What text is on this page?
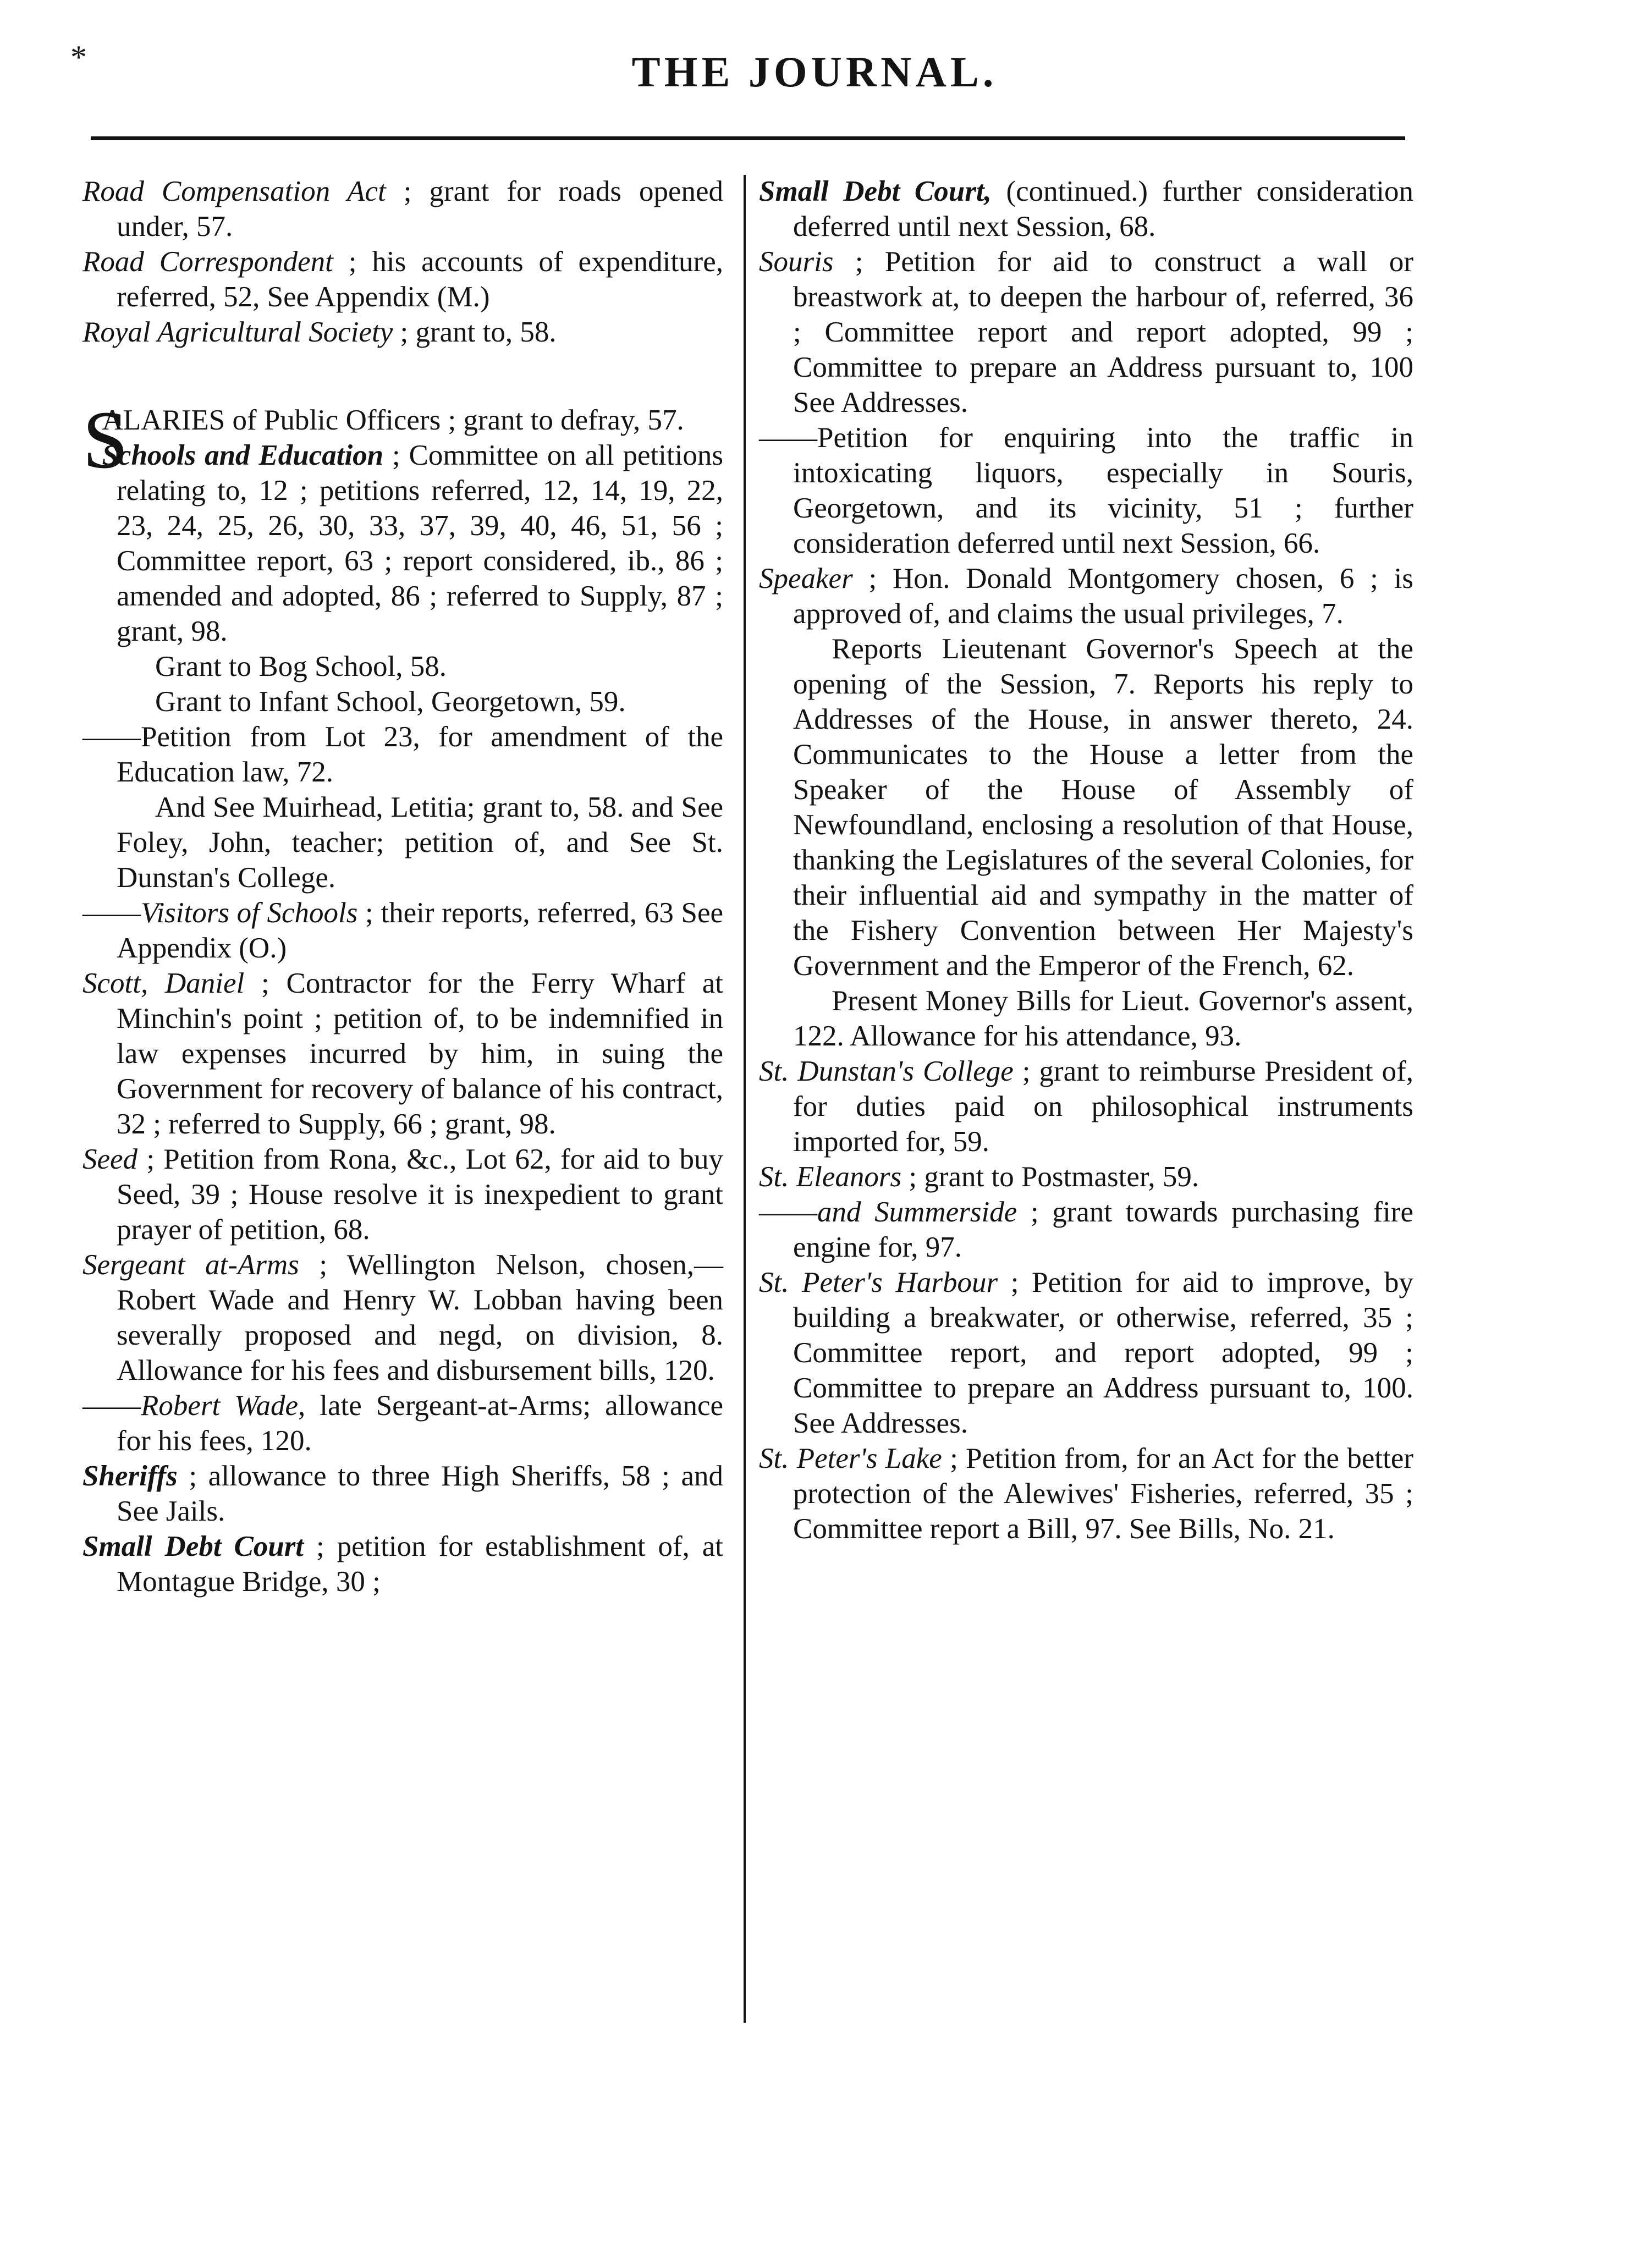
*	THE JOURNAL.

Road Compensation Act ; grant for roads opened under, 57.

Road Correspondent ; his accounts of expenditure, referred, 52, See Appendix (M.)

Royal Agricultural Society ; grant to, 58.

S
ALARIES of Public Officers ; grant to defray, 57.

Schools and Education ; Committee on all petitions relating to, 12 ; petitions referred, 12, 14, 19, 22, 23, 24, 25, 26, 30, 33, 37, 39, 40, 46, 51, 56 ; Committee report, 63 ; report considered, ib., 86 ; amended and adopted, 86 ; referred to Supply, 87 ; grant, 98.

Grant to Bog School, 58.

Grant to Infant School, Georgetown, 59.

——Petition from Lot 23, for amendment of the Education law, 72.

And See Muirhead, Letitia; grant to, 58. and See Foley, John, teacher; petition of, and See St. Dunstan's College.

——Visitors of Schools ; their reports, referred, 63 See Appendix (O.)

Scott, Daniel ; Contractor for the Ferry Wharf at Minchin's point ; petition of, to be indemnified in law expenses incurred by him, in suing the Government for recovery of balance of his contract, 32 ; referred to Supply, 66 ; grant, 98.

Seed ; Petition from Rona, &c., Lot 62, for aid to buy Seed, 39 ; House resolve it is inexpedient to grant prayer of petition, 68.

Sergeant at-Arms ; Wellington Nelson, chosen,—Robert Wade and Henry W. Lobban having been severally proposed and negd, on division, 8. Allowance for his fees and disbursement bills, 120.

——Robert Wade, late Sergeant-at-Arms; allowance for his fees, 120.

Sheriffs ; allowance to three High Sheriffs, 58 ; and See Jails.

Small Debt Court ; petition for establishment of, at Montague Bridge, 30 ;

Small Debt Court, (continued.) further consideration deferred until next Session, 68.

Souris ; Petition for aid to construct a wall or breastwork at, to deepen the harbour of, referred, 36 ; Committee report and report adopted, 99 ; Committee to prepare an Address pursuant to, 100 See Addresses.

——Petition for enquiring into the traffic in intoxicating liquors, especially in Souris, Georgetown, and its vicinity, 51 ; further consideration deferred until next Session, 66.

Speaker ; Hon. Donald Montgomery chosen, 6 ; is approved of, and claims the usual privileges, 7.

Reports Lieutenant Governor's Speech at the opening of the Session, 7. Reports his reply to Addresses of the House, in answer thereto, 24. Communicates to the House a letter from the Speaker of the House of Assembly of Newfoundland, enclosing a resolution of that House, thanking the Legislatures of the several Colonies, for their influential aid and sympathy in the matter of the Fishery Convention between Her Majesty's Government and the Emperor of the French, 62.

Present Money Bills for Lieut. Governor's assent, 122. Allowance for his attendance, 93.

St. Dunstan's College ; grant to reimburse President of, for duties paid on philosophical instruments imported for, 59.

St. Eleanors ; grant to Postmaster, 59.

——and Summerside ; grant towards purchasing fire engine for, 97.

St. Peter's Harbour ; Petition for aid to improve, by building a breakwater, or otherwise, referred, 35 ; Committee report, and report adopted, 99 ; Committee to prepare an Address pursuant to, 100. See Addresses.

St. Peter's Lake ; Petition from, for an Act for the better protection of the Alewives' Fisheries, referred, 35 ; Committee report a Bill, 97. See Bills, No. 21.
